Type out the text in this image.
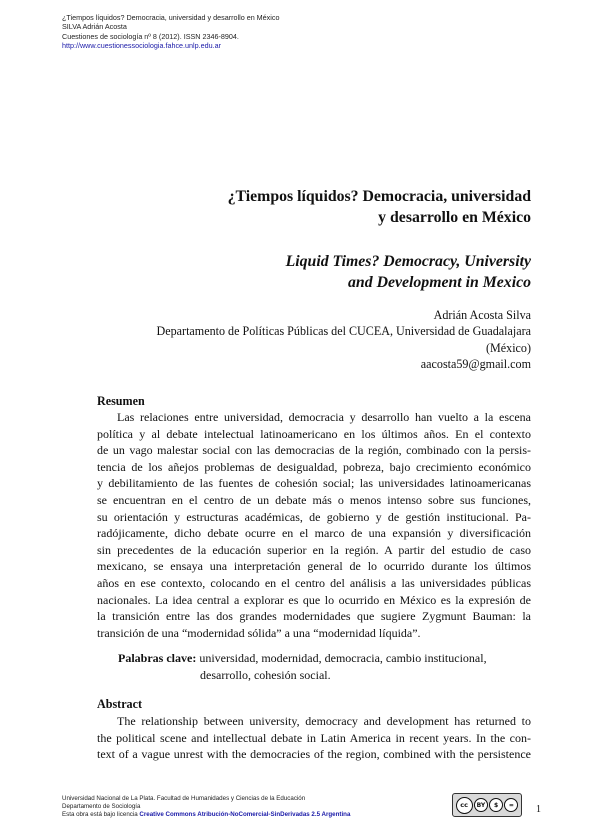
¿Tiempos líquidos? Democracia, universidad y desarrollo en México
SILVA Adrián Acosta
Cuestiones de sociología nº 8 (2012). ISSN 2346-8904.
http://www.cuestionessociologia.fahce.unlp.edu.ar
¿Tiempos líquidos? Democracia, universidad
y desarrollo en México
Liquid Times? Democracy, University
and Development in Mexico
Adrián Acosta Silva
Departamento de Políticas Públicas del CUCEA, Universidad de Guadalajara
(México)
aacosta59@gmail.com
Resumen
Las relaciones entre universidad, democracia y desarrollo han vuelto a la escena
política y al debate intelectual latinoamericano en los últimos años. En el contexto
de un vago malestar social con las democracias de la región, combinado con la persis-
tencia de los añejos problemas de desigualdad, pobreza, bajo crecimiento económico
y debilitamiento de las fuentes de cohesión social; las universidades latinoamericanas
se encuentran en el centro de un debate más o menos intenso sobre sus funciones,
su orientación y estructuras académicas, de gobierno y de gestión institucional. Pa-
radójicamente, dicho debate ocurre en el marco de una expansión y diversificación
sin precedentes de la educación superior en la región. A partir del estudio de caso
mexicano, se ensaya una interpretación general de lo ocurrido durante los últimos
años en ese contexto, colocando en el centro del análisis a las universidades públicas
nacionales. La idea central a explorar es que lo ocurrido en México es la expresión de
la transición entre las dos grandes modernidades que sugiere Zygmunt Bauman: la
transición de una “modernidad sólida” a una “modernidad líquida”.
Palabras clave: universidad, modernidad, democracia, cambio institucional,
desarrollo, cohesión social.
Abstract
The relationship between university, democracy and development has returned to
the political scene and intellectual debate in Latin America in recent years. In the con-
text of a vague unrest with the democracies of the region, combined with the persistence
Universidad Nacional de La Plata. Facultad de Humanidades y Ciencias de la Educación
Departamento de Sociología
Esta obra está bajo licencia Creative Commons Atribución-NoComercial-SinDerivadas 2.5 Argentina
cc	BY	$	=	1
